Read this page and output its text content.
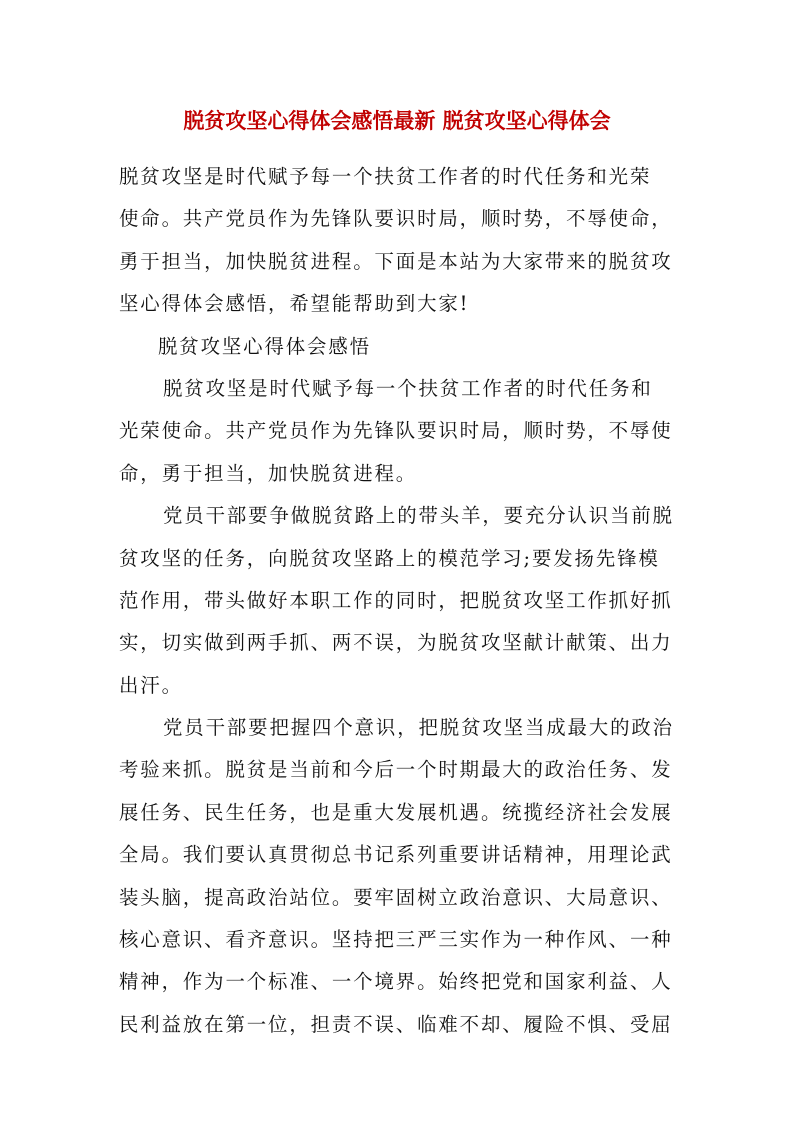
脱贫攻坚心得体会感悟最新 脱贫攻坚心得体会
脱贫攻坚是时代赋予每一个扶贫工作者的时代任务和光荣
使命。共产党员作为先锋队要识时局，顺时势，不辱使命，
勇于担当，加快脱贫进程。下面是本站为大家带来的脱贫攻
坚心得体会感悟，希望能帮助到大家!
脱贫攻坚心得体会感悟
脱贫攻坚是时代赋予每一个扶贫工作者的时代任务和
光荣使命。共产党员作为先锋队要识时局，顺时势，不辱使
命，勇于担当，加快脱贫进程。
党员干部要争做脱贫路上的带头羊，要充分认识当前脱
贫攻坚的任务，向脱贫攻坚路上的模范学习;要发扬先锋模
范作用，带头做好本职工作的同时，把脱贫攻坚工作抓好抓
实，切实做到两手抓、两不误，为脱贫攻坚献计献策、出力
出汗。
党员干部要把握四个意识，把脱贫攻坚当成最大的政治
考验来抓。脱贫是当前和今后一个时期最大的政治任务、发
展任务、民生任务，也是重大发展机遇。统揽经济社会发展
全局。我们要认真贯彻总书记系列重要讲话精神，用理论武
装头脑，提高政治站位。要牢固树立政治意识、大局意识、
核心意识、看齐意识。坚持把三严三实作为一种作风、一种
精神，作为一个标准、一个境界。始终把党和国家利益、人
民利益放在第一位，担责不误、临难不却、履险不惧、受屈
